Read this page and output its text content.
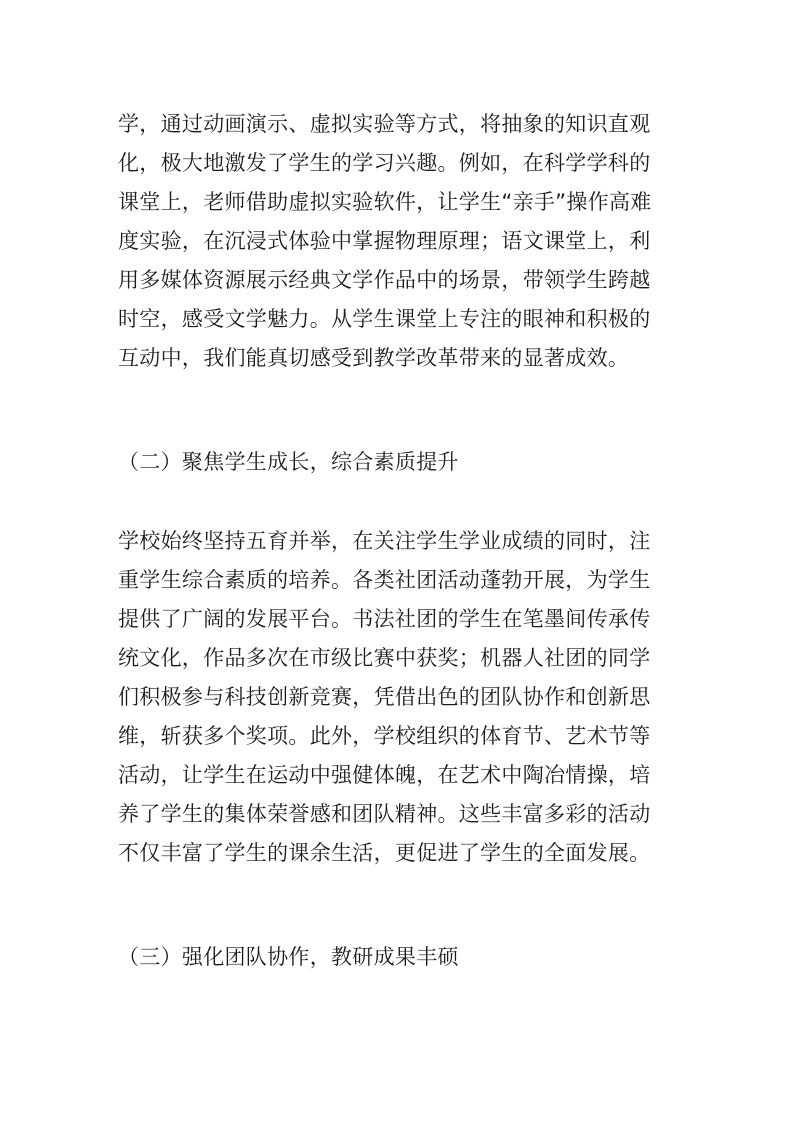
学，通过动画演示、虚拟实验等方式，将抽象的知识直观
化，极大地激发了学生的学习兴趣。例如，在科学学科的
课堂上，老师借助虚拟实验软件，让学生“亲手”操作高难
度实验，在沉浸式体验中掌握物理原理；语文课堂上，利
用多媒体资源展示经典文学作品中的场景，带领学生跨越
时空，感受文学魅力。从学生课堂上专注的眼神和积极的
互动中，我们能真切感受到教学改革带来的显著成效。
（二）聚焦学生成长，综合素质提升
学校始终坚持五育并举，在关注学生学业成绩的同时，注
重学生综合素质的培养。各类社团活动蓬勃开展，为学生
提供了广阔的发展平台。书法社团的学生在笔墨间传承传
统文化，作品多次在市级比赛中获奖；机器人社团的同学
们积极参与科技创新竞赛，凭借出色的团队协作和创新思
维，斩获多个奖项。此外，学校组织的体育节、艺术节等
活动，让学生在运动中强健体魄，在艺术中陶冶情操，培
养了学生的集体荣誉感和团队精神。这些丰富多彩的活动
不仅丰富了学生的课余生活，更促进了学生的全面发展。
（三）强化团队协作，教研成果丰硕
